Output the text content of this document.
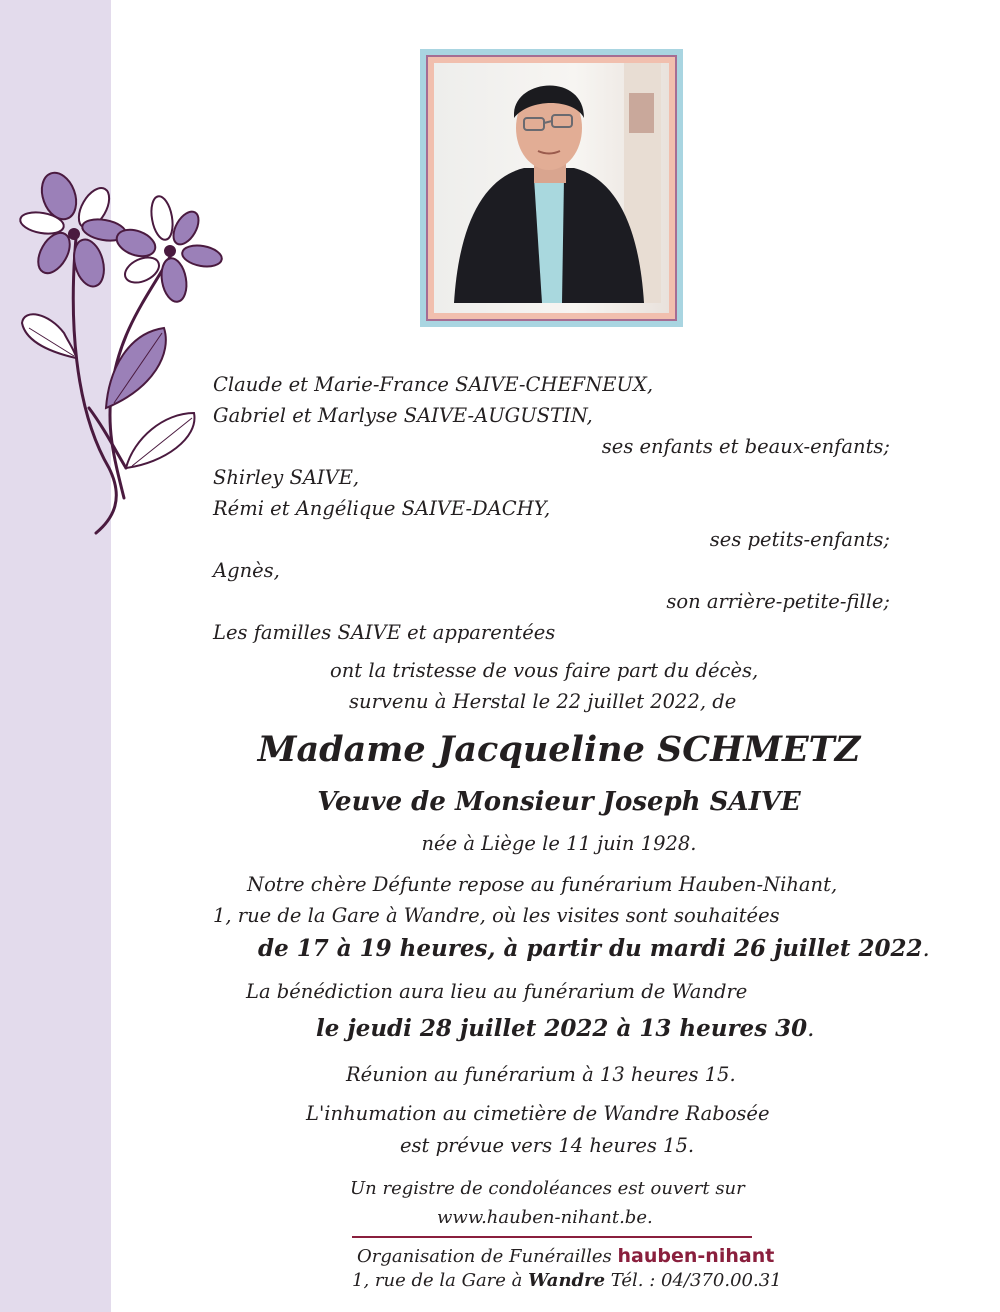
Claude et Marie-France SAIVE-CHEFNEUX,
Gabriel et Marlyse SAIVE-AUGUSTIN,
ses enfants et beaux-enfants;
Shirley SAIVE,
Rémi et Angélique SAIVE-DACHY,
ses petits-enfants;
Agnès,
son arrière-petite-fille;
Les familles SAIVE et apparentées
ont la tristesse de vous faire part du décès,
survenu à Herstal le 22 juillet 2022, de
Madame Jacqueline SCHMETZ
Veuve de Monsieur Joseph SAIVE
née à Liège le 11 juin 1928.
Notre chère Défunte repose au funérarium Hauben-Nihant,
1, rue de la Gare à Wandre, où les visites sont souhaitées
de 17 à 19 heures, à partir du mardi 26 juillet 2022.
La bénédiction aura lieu au funérarium de Wandre
le jeudi 28 juillet 2022 à 13 heures 30.
Réunion au funérarium à 13 heures 15.
L'inhumation au cimetière de Wandre Rabosée
est prévue vers 14 heures 15.
Un registre de condoléances est ouvert sur
www.hauben-nihant.be.
Organisation de Funérailles hauben-nihant
1, rue de la Gare à Wandre Tél. : 04/370.00.31
